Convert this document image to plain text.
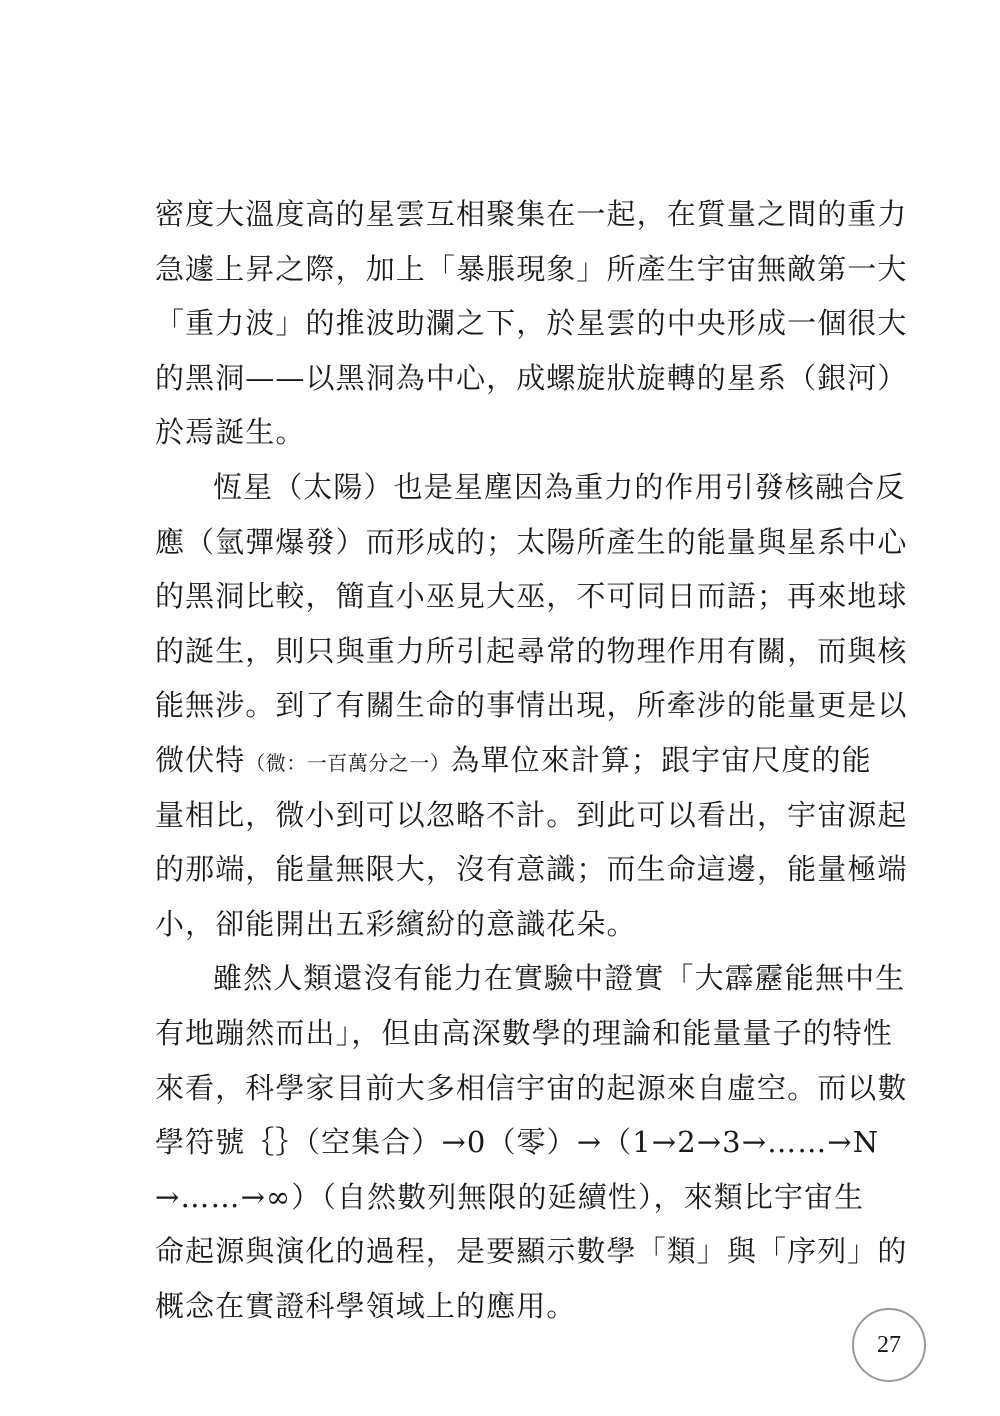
密度大溫度高的星雲互相聚集在一起，在質量之間的重力
急遽上昇之際，加上「暴脹現象」所產生宇宙無敵第一大
「重力波」的推波助瀾之下，於星雲的中央形成一個很大
的黑洞——以黑洞為中心，成螺旋狀旋轉的星系（銀河）
於焉誕生。
恆星（太陽）也是星塵因為重力的作用引發核融合反
應（氫彈爆發）而形成的；太陽所產生的能量與星系中心
的黑洞比較，簡直小巫見大巫，不可同日而語；再來地球
的誕生，則只與重力所引起尋常的物理作用有關，而與核
能無涉。到了有關生命的事情出現，所牽涉的能量更是以
微伏特（微：一百萬分之一）為單位來計算；跟宇宙尺度的能
量相比，微小到可以忽略不計。到此可以看出，宇宙源起
的那端，能量無限大，沒有意識；而生命這邊，能量極端
小，卻能開出五彩繽紛的意識花朵。
雖然人類還沒有能力在實驗中證實「大霹靂能無中生
有地蹦然而出」，但由高深數學的理論和能量量子的特性
來看，科學家目前大多相信宇宙的起源來自虛空。而以數
學符號｛｝（空集合）→0（零）→（1→2→3→……→N
→……→∞）（自然數列無限的延續性），來類比宇宙生
命起源與演化的過程，是要顯示數學「類」與「序列」的
概念在實證科學領域上的應用。
27
